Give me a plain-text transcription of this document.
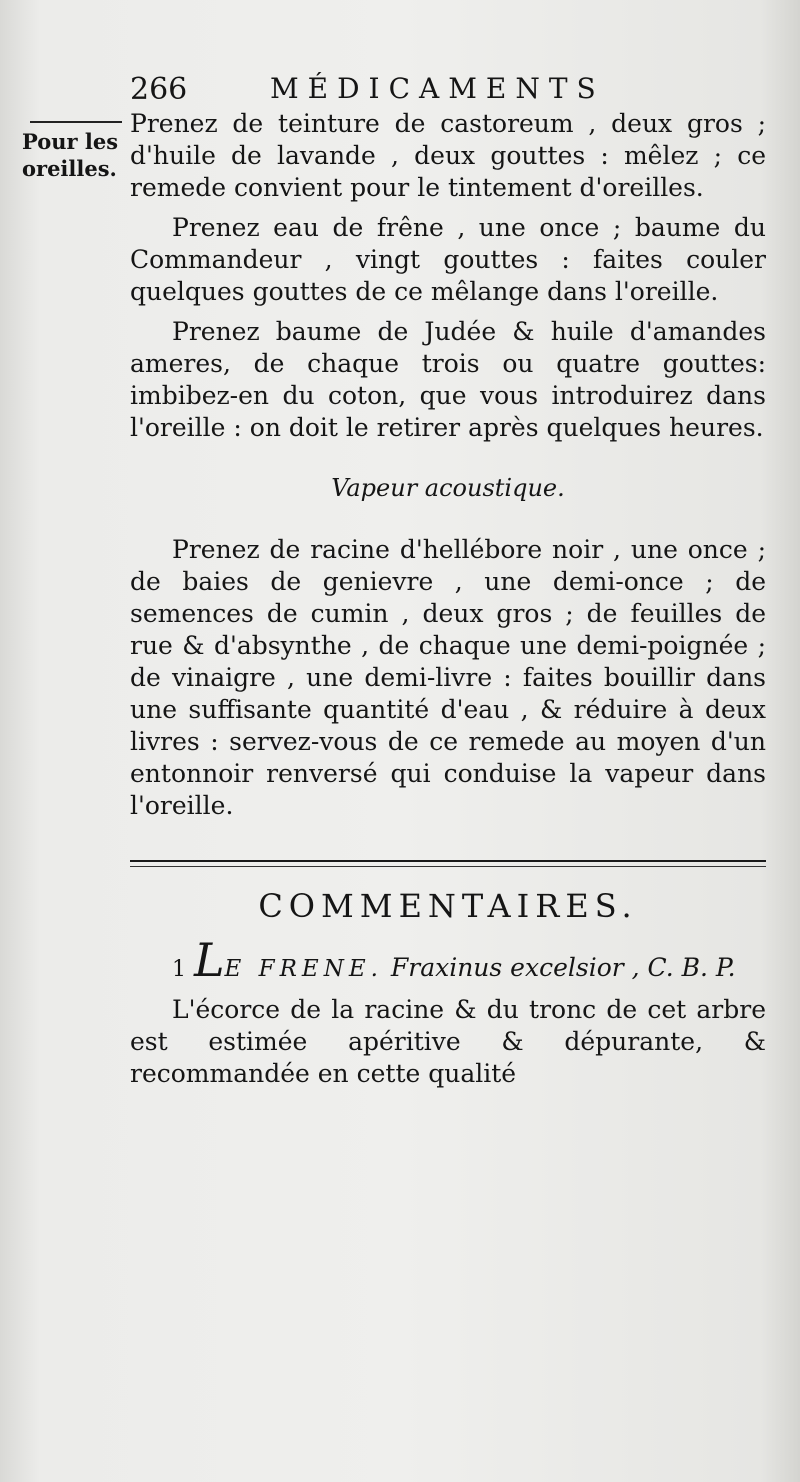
266	MÉDICAMENTS
Pour les oreilles.

Prenez de teinture de castoreum , deux gros ; d'huile de lavande , deux gouttes : mêlez ; ce remede convient pour le tintement d'oreilles.

Prenez eau de frêne , une once ; baume du Commandeur , vingt gouttes : faites couler quelques gouttes de ce mêlange dans l'oreille.

Prenez baume de Judée & huile d'amandes ameres, de chaque trois ou quatre gouttes: imbibez-en du coton, que vous introduirez dans l'oreille : on doit le retirer après quelques heures.

Vapeur acoustique.

Prenez de racine d'hellébore noir , une once ; de baies de genievre , une demi-once ; de semences de cumin , deux gros ; de feuilles de rue & d'absynthe , de chaque une demi-poignée ; de vinaigre , une demi-livre : faites bouillir dans une suffisante quantité d'eau , & réduire à deux livres : servez-vous de ce remede au moyen d'un entonnoir renversé qui conduise la vapeur dans l'oreille.

COMMENTAIRES.

1 LE FRENE. Fraxinus excelsior , C. B. P.

L'écorce de la racine & du tronc de cet arbre est estimée apéritive & dépurante, & recommandée en cette qualité
